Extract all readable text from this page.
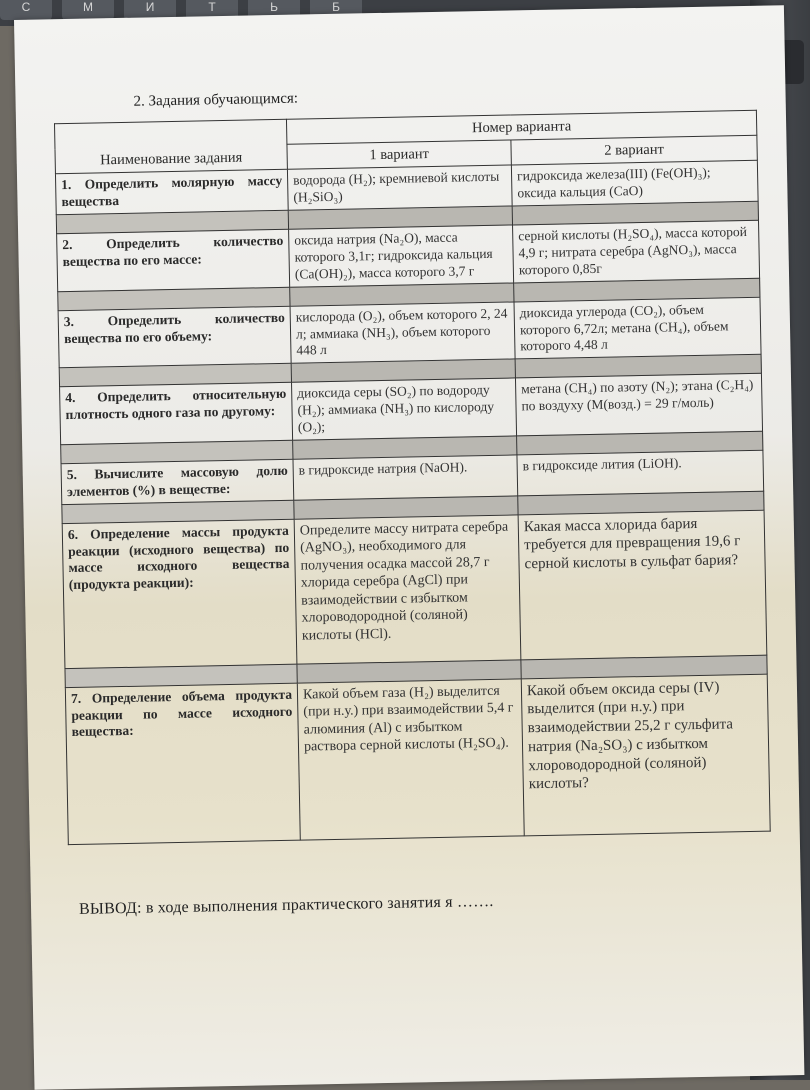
С	М	И	Т	Ь	Б
2. Задания обучающимся:
Наименование задания	Номер варианта	
	1 вариант	2 вариант
1. Определить молярную массу вещества	водорода (H₂); кремниевой кислоты (H₂SiO₃)	гидроксида железа(III) (Fe(OH)₃); оксида кальция (CaO)

2. Определить количество вещества по его массе:	оксида натрия (Na₂O), масса которого 3,1г; гидроксида кальция (Ca(OH)₂), масса которого 3,7 г	серной кислоты (H₂SO₄), масса которой 4,9 г; нитрата серебра (AgNO₃), масса которого 0,85г

3. Определить количество вещества по его объему:	кислорода (O₂), объем которого 2, 24 л; аммиака (NH₃), объем которого 448 л	диоксида углерода (CO₂), объем которого 6,72л; метана (CH₄), объем которого 4,48 л

4. Определить относительную плотность одного газа по другому:	диоксида серы (SO₂) по водороду (H₂); аммиака (NH₃) по кислороду (O₂);	метана (CH₄) по азоту (N₂); этана (C₂H₄) по воздуху (M(возд.) = 29 г/моль)

5. Вычислите массовую долю элементов (%) в веществе:	в гидроксиде натрия (NaOH).	в гидроксиде лития (LiOH).

6. Определение массы продукта реакции (исходного вещества) по массе исходного вещества (продукта реакции):	Определите массу нитрата серебра (AgNO₃), необходимого для получения осадка массой 28,7 г хлорида серебра (AgCl) при взаимодействии с избытком хлороводородной (соляной) кислоты (HCl).	Какая масса хлорида бария требуется для превращения 19,6 г серной кислоты в сульфат бария?

7. Определение объема продукта реакции по массе исходного вещества:	Какой объем газа (H₂) выделится (при н.у.) при взаимодействии 5,4 г алюминия (Al) с избытком раствора серной кислоты (H₂SO₄).	Какой объем оксида серы (IV) выделится (при н.у.) при взаимодействии 25,2 г сульфита натрия (Na₂SO₃) с избытком хлороводородной (соляной) кислоты?
ВЫВОД: в ходе выполнения практического занятия я …….
